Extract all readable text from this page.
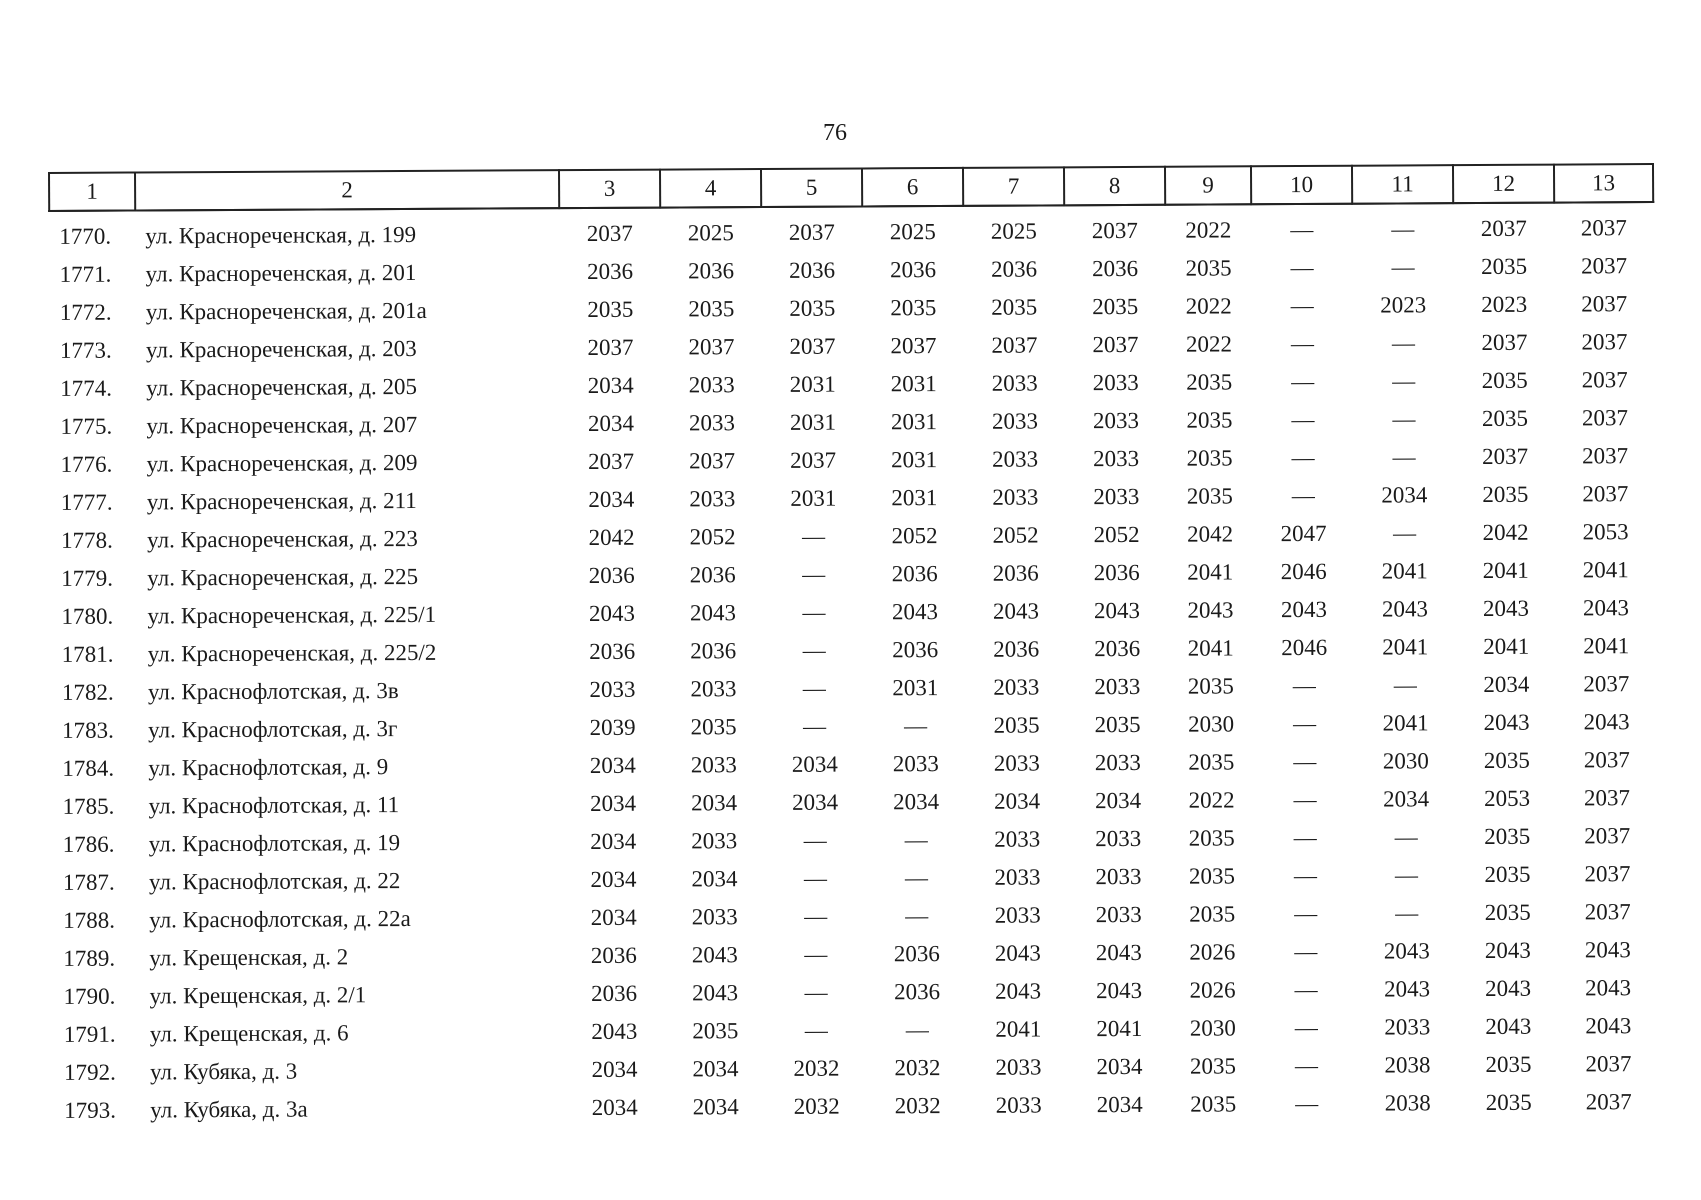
76
1	2	3	4	5	6	7	8	9	10	11	12	13
1770.	ул. Краснореченская, д. 199	2037	2025	2037	2025	2025	2037	2022	—	—	2037	2037
1771.	ул. Краснореченская, д. 201	2036	2036	2036	2036	2036	2036	2035	—	—	2035	2037
1772.	ул. Краснореченская, д. 201а	2035	2035	2035	2035	2035	2035	2022	—	2023	2023	2037
1773.	ул. Краснореченская, д. 203	2037	2037	2037	2037	2037	2037	2022	—	—	2037	2037
1774.	ул. Краснореченская, д. 205	2034	2033	2031	2031	2033	2033	2035	—	—	2035	2037
1775.	ул. Краснореченская, д. 207	2034	2033	2031	2031	2033	2033	2035	—	—	2035	2037
1776.	ул. Краснореченская, д. 209	2037	2037	2037	2031	2033	2033	2035	—	—	2037	2037
1777.	ул. Краснореченская, д. 211	2034	2033	2031	2031	2033	2033	2035	—	2034	2035	2037
1778.	ул. Краснореченская, д. 223	2042	2052	—	2052	2052	2052	2042	2047	—	2042	2053
1779.	ул. Краснореченская, д. 225	2036	2036	—	2036	2036	2036	2041	2046	2041	2041	2041
1780.	ул. Краснореченская, д. 225/1	2043	2043	—	2043	2043	2043	2043	2043	2043	2043	2043
1781.	ул. Краснореченская, д. 225/2	2036	2036	—	2036	2036	2036	2041	2046	2041	2041	2041
1782.	ул. Краснофлотская, д. 3в	2033	2033	—	2031	2033	2033	2035	—	—	2034	2037
1783.	ул. Краснофлотская, д. 3г	2039	2035	—	—	2035	2035	2030	—	2041	2043	2043
1784.	ул. Краснофлотская, д. 9	2034	2033	2034	2033	2033	2033	2035	—	2030	2035	2037
1785.	ул. Краснофлотская, д. 11	2034	2034	2034	2034	2034	2034	2022	—	2034	2053	2037
1786.	ул. Краснофлотская, д. 19	2034	2033	—	—	2033	2033	2035	—	—	2035	2037
1787.	ул. Краснофлотская, д. 22	2034	2034	—	—	2033	2033	2035	—	—	2035	2037
1788.	ул. Краснофлотская, д. 22а	2034	2033	—	—	2033	2033	2035	—	—	2035	2037
1789.	ул. Крещенская, д. 2	2036	2043	—	2036	2043	2043	2026	—	2043	2043	2043
1790.	ул. Крещенская, д. 2/1	2036	2043	—	2036	2043	2043	2026	—	2043	2043	2043
1791.	ул. Крещенская, д. 6	2043	2035	—	—	2041	2041	2030	—	2033	2043	2043
1792.	ул. Кубяка, д. 3	2034	2034	2032	2032	2033	2034	2035	—	2038	2035	2037
1793.	ул. Кубяка, д. 3а	2034	2034	2032	2032	2033	2034	2035	—	2038	2035	2037
